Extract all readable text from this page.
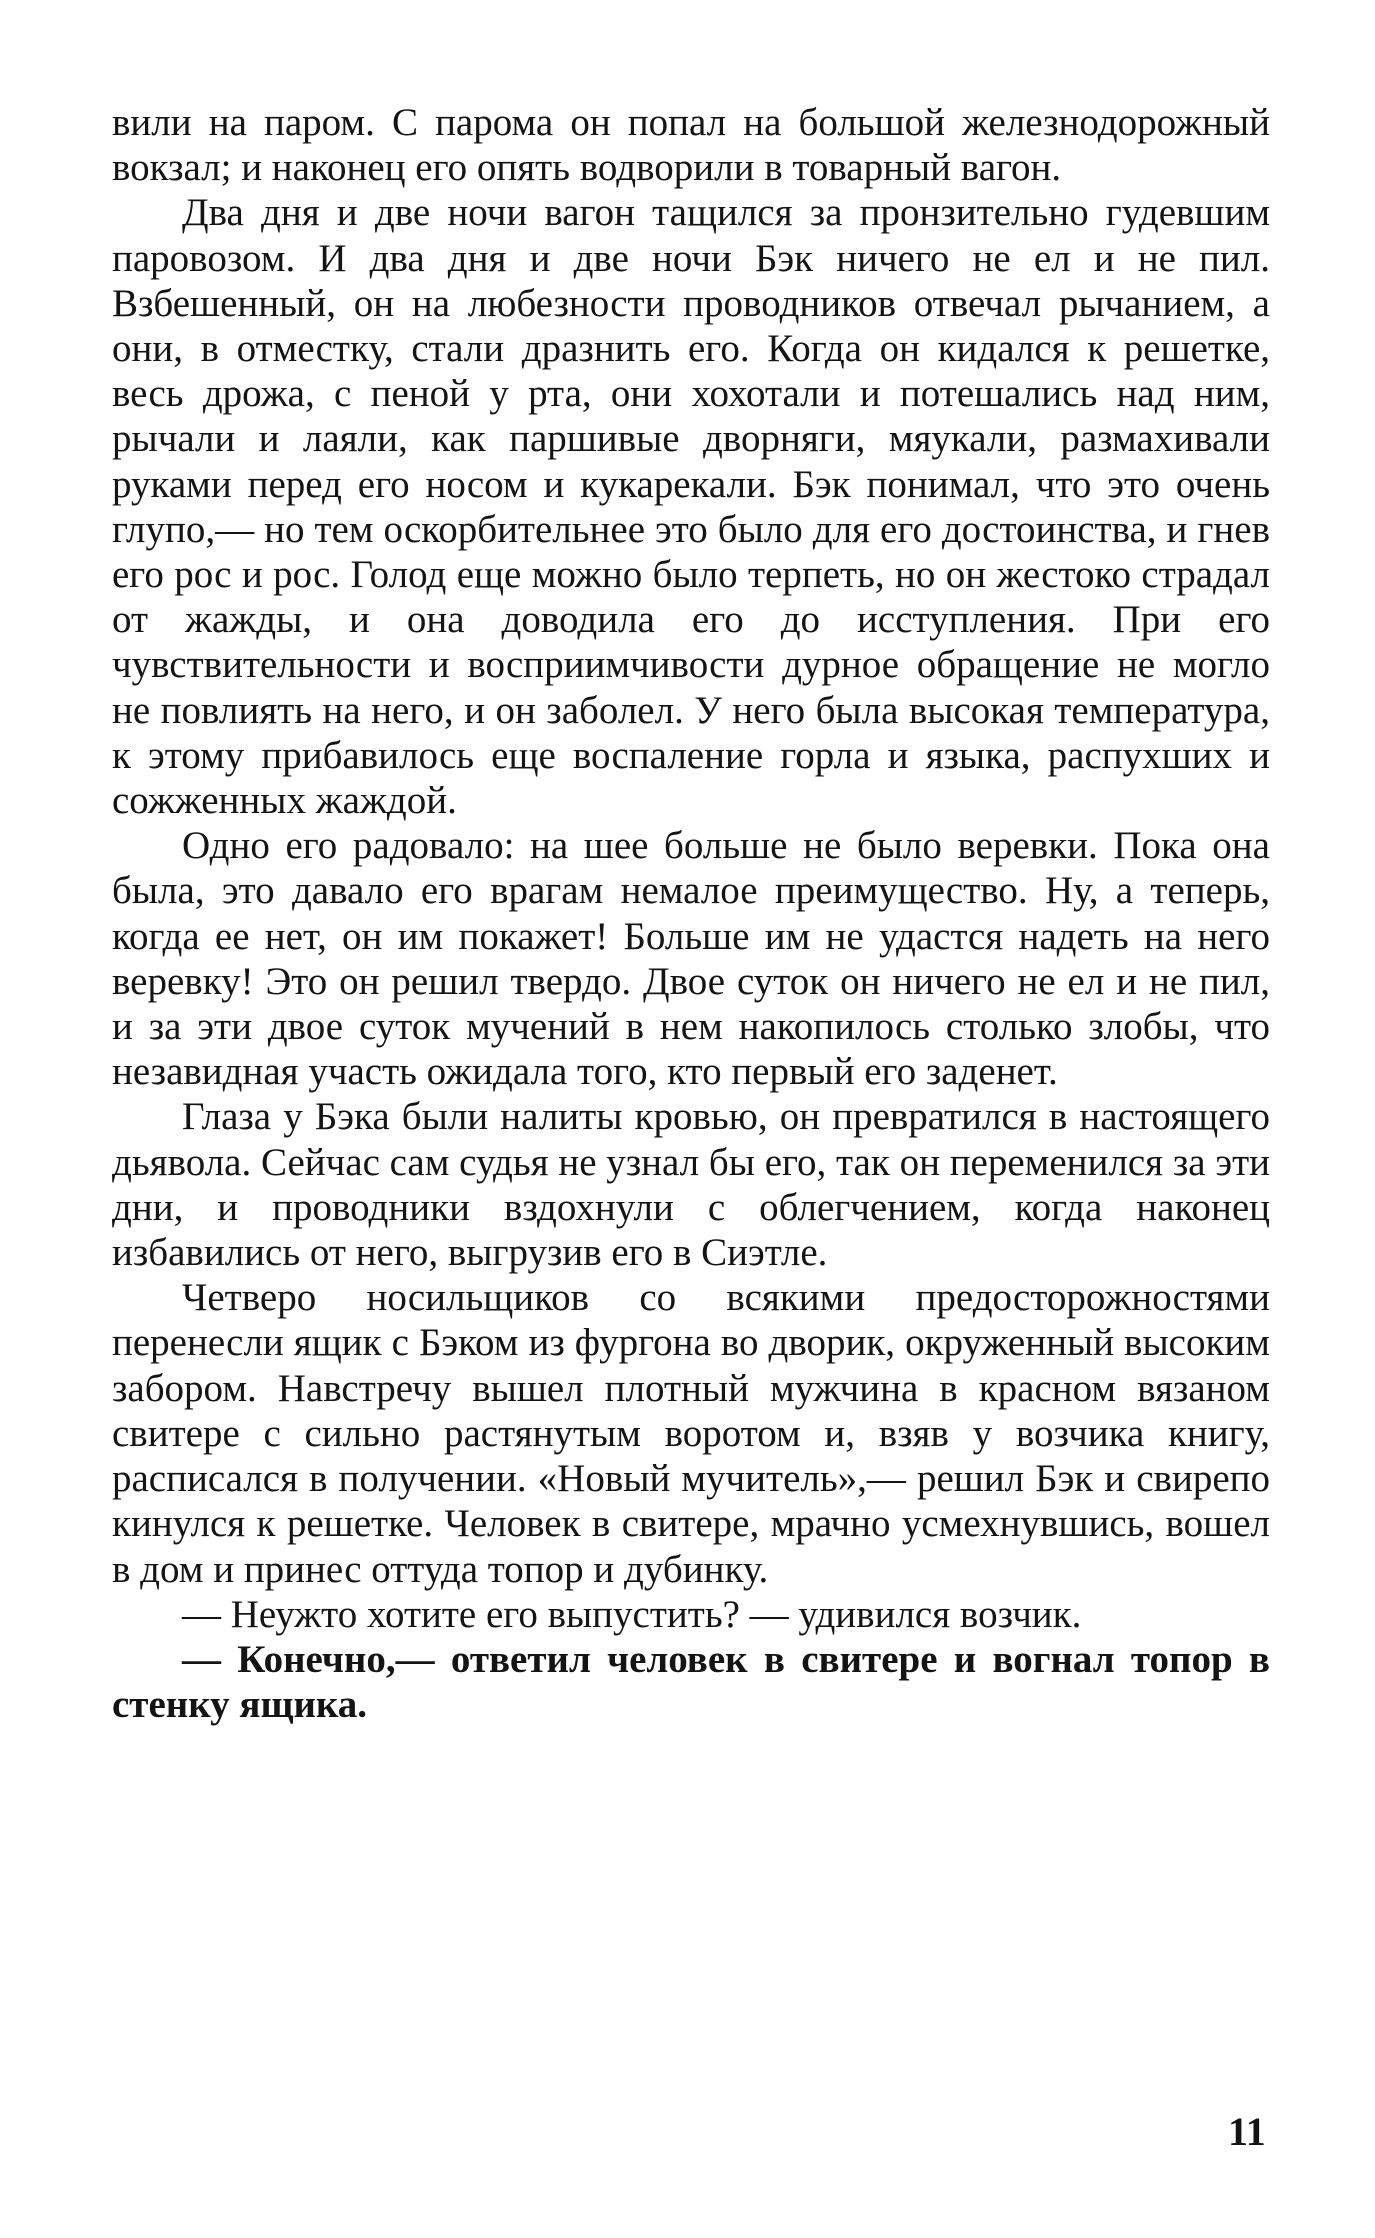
вили на паром. С парома он попал на большой железнодорожный вокзал; и наконец его опять водворили в товарный вагон.

Два дня и две ночи вагон тащился за пронзительно гудевшим паровозом. И два дня и две ночи Бэк ничего не ел и не пил. Взбешенный, он на любезности проводников отвечал рычанием, а они, в отместку, стали дразнить его. Когда он кидался к решетке, весь дрожа, с пеной у рта, они хохотали и потешались над ним, рычали и лаяли, как паршивые дворняги, мяукали, размахивали руками перед его носом и кукарекали. Бэк понимал, что это очень глупо,— но тем оскорбительнее это было для его достоинства, и гнев его рос и рос. Голод еще можно было терпеть, но он жестоко страдал от жажды, и она доводила его до исступления. При его чувствительности и восприимчивости дурное обращение не могло не повлиять на него, и он заболел. У него была высокая температура, к этому прибавилось еще воспаление горла и языка, распухших и сожженных жаждой.

Одно его радовало: на шее больше не было веревки. Пока она была, это давало его врагам немалое преимущество. Ну, а теперь, когда ее нет, он им покажет! Больше им не удастся надеть на него веревку! Это он решил твердо. Двое суток он ничего не ел и не пил, и за эти двое суток мучений в нем накопилось столько злобы, что незавидная участь ожидала того, кто первый его заденет.

Глаза у Бэка были налиты кровью, он превратился в настоящего дьявола. Сейчас сам судья не узнал бы его, так он переменился за эти дни, и проводники вздохнули с облегчением, когда наконец избавились от него, выгрузив его в Сиэтле.

Четверо носильщиков со всякими предосторожностями перенесли ящик с Бэком из фургона во дворик, окруженный высоким забором. Навстречу вышел плотный мужчина в красном вязаном свитере с сильно растянутым воротом и, взяв у возчика книгу, расписался в получении. «Новый мучитель»,— решил Бэк и свирепо кинулся к решетке. Человек в свитере, мрачно усмехнувшись, вошел в дом и принес оттуда топор и дубинку.

— Неужто хотите его выпустить? — удивился возчик.

— Конечно,— ответил человек в свитере и вогнал топор в стенку ящика.

11
